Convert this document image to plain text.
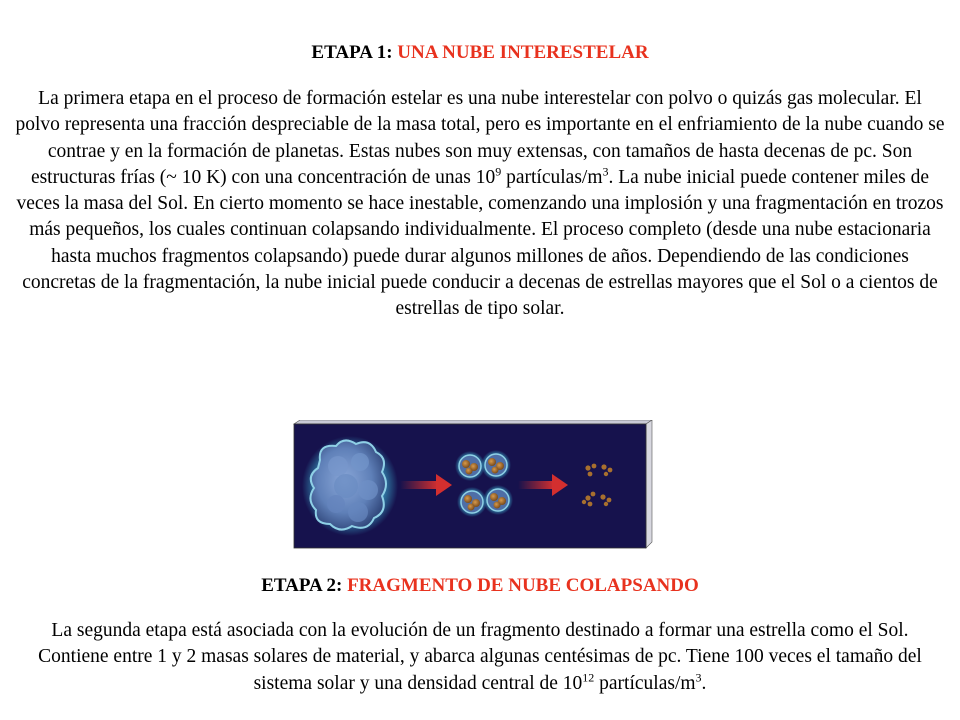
ETAPA 1: UNA NUBE INTERESTELAR
La primera etapa en el proceso de formación estelar es una nube interestelar con polvo o quizás gas molecular. El polvo representa una fracción despreciable de la masa total, pero es importante en el enfriamiento de la nube cuando se contrae y en la formación de planetas. Estas nubes son muy extensas, con tamaños de hasta decenas de pc. Son estructuras frías (~ 10 K) con una concentración de unas $10^9$ partículas/$m^3$. La nube inicial puede contener miles de veces la masa del Sol. En cierto momento se hace inestable, comenzando una implosión y una fragmentación en trozos más pequeños, los cuales continuan colapsando individualmente. El proceso completo (desde una nube estacionaria hasta muchos fragmentos colapsando) puede durar algunos millones de años. Dependiendo de las condiciones concretas de la fragmentación, la nube inicial puede conducir a decenas de estrellas mayores que el Sol o a cientos de estrellas de tipo solar.
ETAPA 2: FRAGMENTO DE NUBE COLAPSANDO
La segunda etapa está asociada con la evolución de un fragmento destinado a formar una estrella como el Sol. Contiene entre 1 y 2 masas solares de material, y abarca algunas centésimas de pc. Tiene 100 veces el tamaño del sistema solar y una densidad central de $10^{12}$ partículas/$m^3$.
